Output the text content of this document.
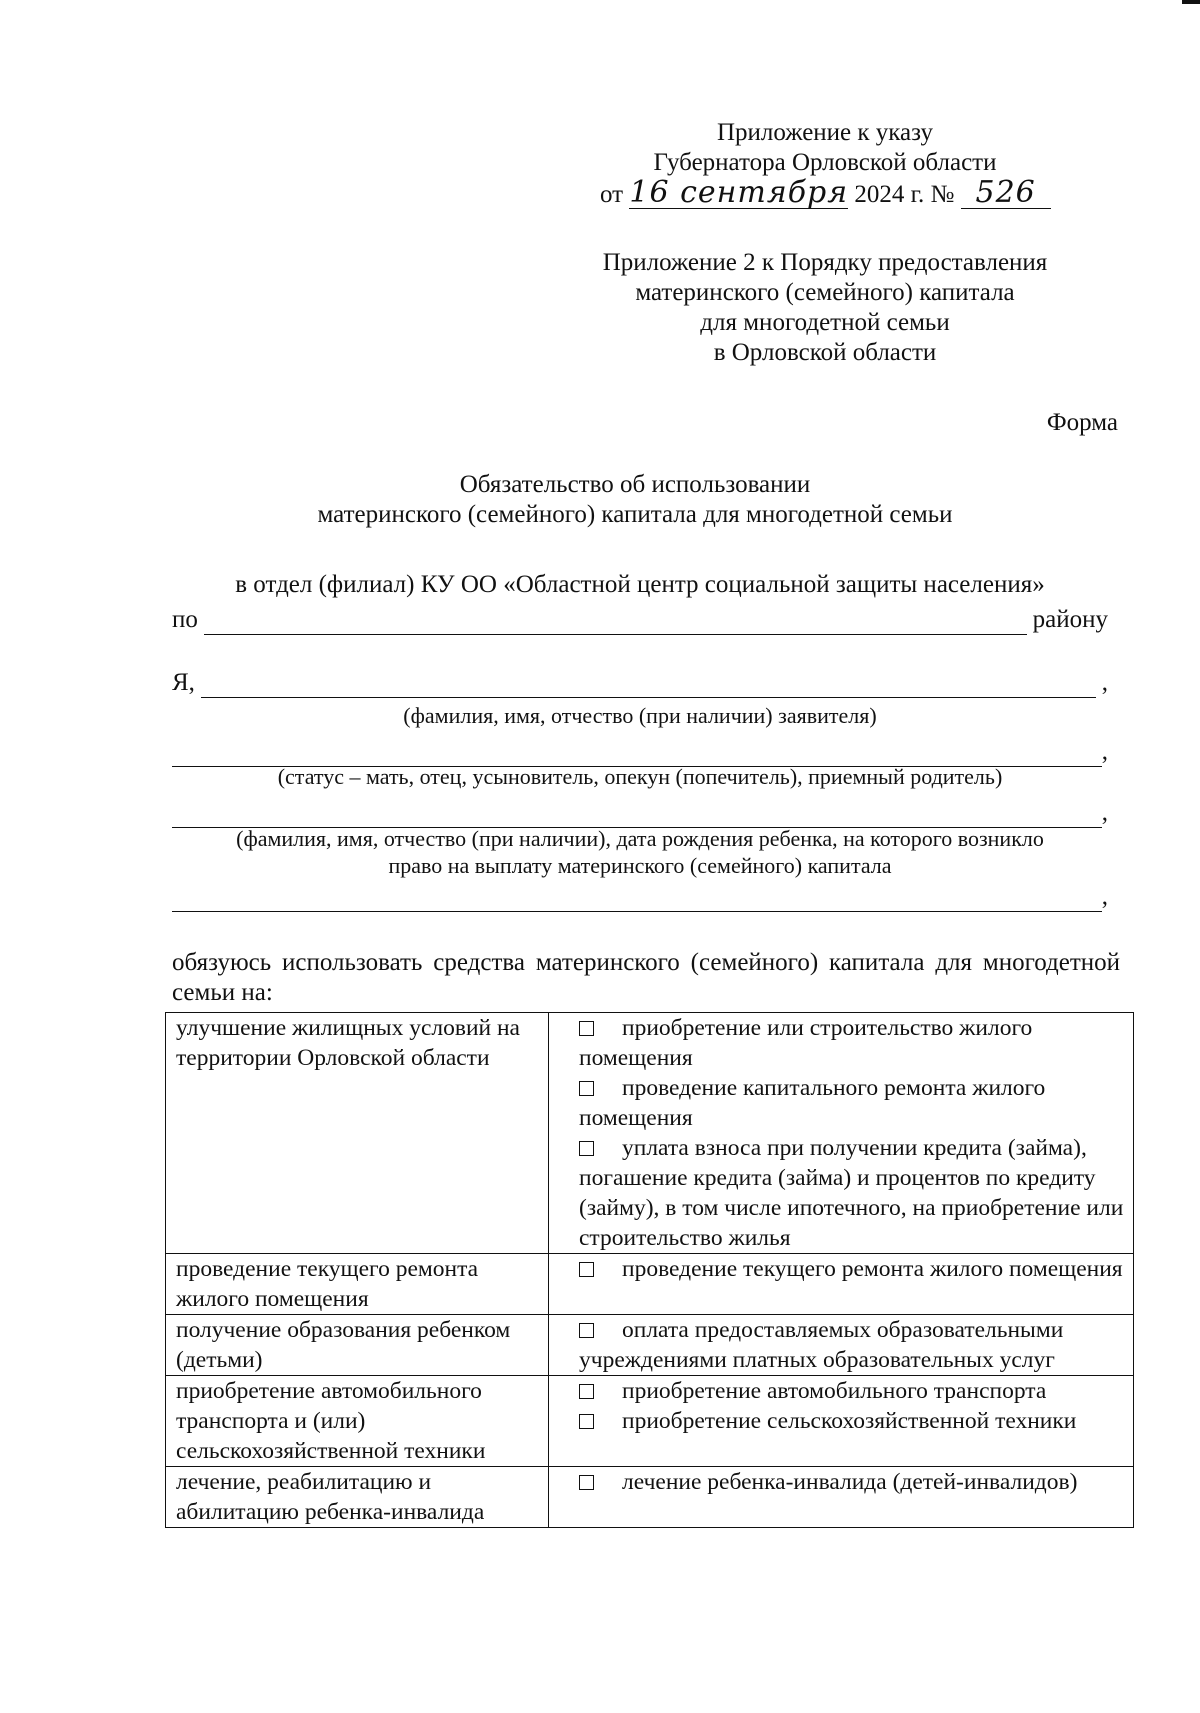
Приложение к указу
Губернатора Орловской области
от 16 сентября 2024 г. № 526
Приложение 2 к Порядку предоставления
материнского (семейного) капитала
для многодетной семьи
в Орловской области
Форма
Обязательство об использовании
материнского (семейного) капитала для многодетной семьи
в отдел (филиал) КУ ОО «Областной центр социальной защиты населения»
по	району
Я,	,
(фамилия, имя, отчество (при наличии) заявителя)
,
(статус – мать, отец, усыновитель, опекун (попечитель), приемный родитель)
,
(фамилия, имя, отчество (при наличии), дата рождения ребенка, на которого возникло
право на выплату материнского (семейного) капитала
,
обязуюсь использовать средства материнского (семейного) капитала для многодетной семьи на:
улучшение жилищных условий на территории Орловской области	приобретение или строительство жилого помещения
проведение капитального ремонта жилого помещения
уплата взноса при получении кредита (займа), погашение кредита (займа) и процентов по кредиту (займу), в том числе ипотечного, на приобретение или строительство жилья

проведение текущего ремонта жилого помещения	проведение текущего ремонта жилого помещения

получение образования ребенком (детьми)	оплата предоставляемых образовательными учреждениями платных образовательных услуг

приобретение автомобильного транспорта и (или) сельскохозяйственной техники	приобретение автомобильного транспорта
приобретение сельскохозяйственной техники

лечение, реабилитацию и абилитацию ребенка-инвалида	лечение ребенка-инвалида (детей-инвалидов)
